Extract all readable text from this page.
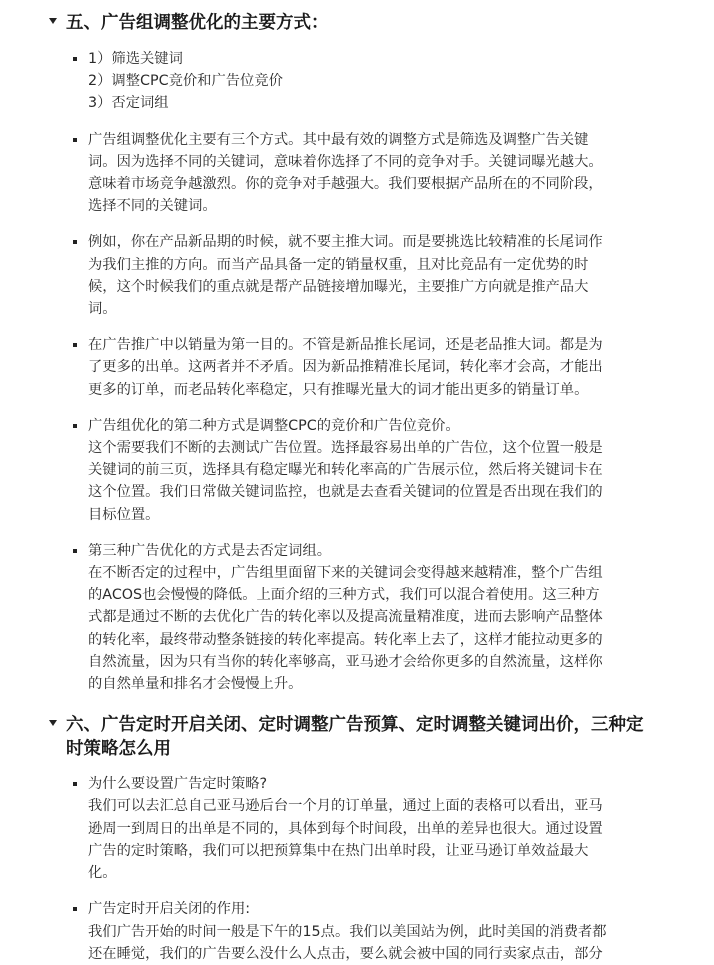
五、广告组调整优化的主要方式：
1）筛选关键词
2）调整CPC竞价和广告位竞价
3）否定词组
广告组调整优化主要有三个方式。其中最有效的调整方式是筛选及调整广告关键
词。因为选择不同的关键词，意味着你选择了不同的竞争对手。关键词曝光越大。
意味着市场竞争越激烈。你的竞争对手越强大。我们要根据产品所在的不同阶段，
选择不同的关键词。
例如，你在产品新品期的时候，就不要主推大词。而是要挑选比较精准的长尾词作
为我们主推的方向。而当产品具备一定的销量权重，且对比竞品有一定优势的时
候，这个时候我们的重点就是帮产品链接增加曝光，主要推广方向就是推产品大
词。
在广告推广中以销量为第一目的。不管是新品推长尾词，还是老品推大词。都是为
了更多的出单。这两者并不矛盾。因为新品推精准长尾词，转化率才会高，才能出
更多的订单，而老品转化率稳定，只有推曝光量大的词才能出更多的销量订单。
广告组优化的第二种方式是调整CPC的竞价和广告位竞价。
这个需要我们不断的去测试广告位置。选择最容易出单的广告位，这个位置一般是
关键词的前三页，选择具有稳定曝光和转化率高的广告展示位，然后将关键词卡在
这个位置。我们日常做关键词监控，也就是去查看关键词的位置是否出现在我们的
目标位置。
第三种广告优化的方式是去否定词组。
在不断否定的过程中，广告组里面留下来的关键词会变得越来越精准，整个广告组
的ACOS也会慢慢的降低。上面介绍的三种方式，我们可以混合着使用。这三种方
式都是通过不断的去优化广告的转化率以及提高流量精准度，进而去影响产品整体
的转化率，最终带动整条链接的转化率提高。转化率上去了，这样才能拉动更多的
自然流量，因为只有当你的转化率够高，亚马逊才会给你更多的自然流量，这样你
的自然单量和排名才会慢慢上升。
六、广告定时开启关闭、定时调整广告预算、定时调整关键词出价，三种定
时策略怎么用
为什么要设置广告定时策略?
我们可以去汇总自己亚马逊后台一个月的订单量，通过上面的表格可以看出，亚马
逊周一到周日的出单是不同的，具体到每个时间段，出单的差异也很大。通过设置
广告的定时策略，我们可以把预算集中在热门出单时段，让亚马逊订单效益最大
化。
广告定时开启关闭的作用:
我们广告开始的时间一般是下午的15点。我们以美国站为例，此时美国的消费者都
还在睡觉，我们的广告要么没什么人点击，要么就会被中国的同行卖家点击，部分
